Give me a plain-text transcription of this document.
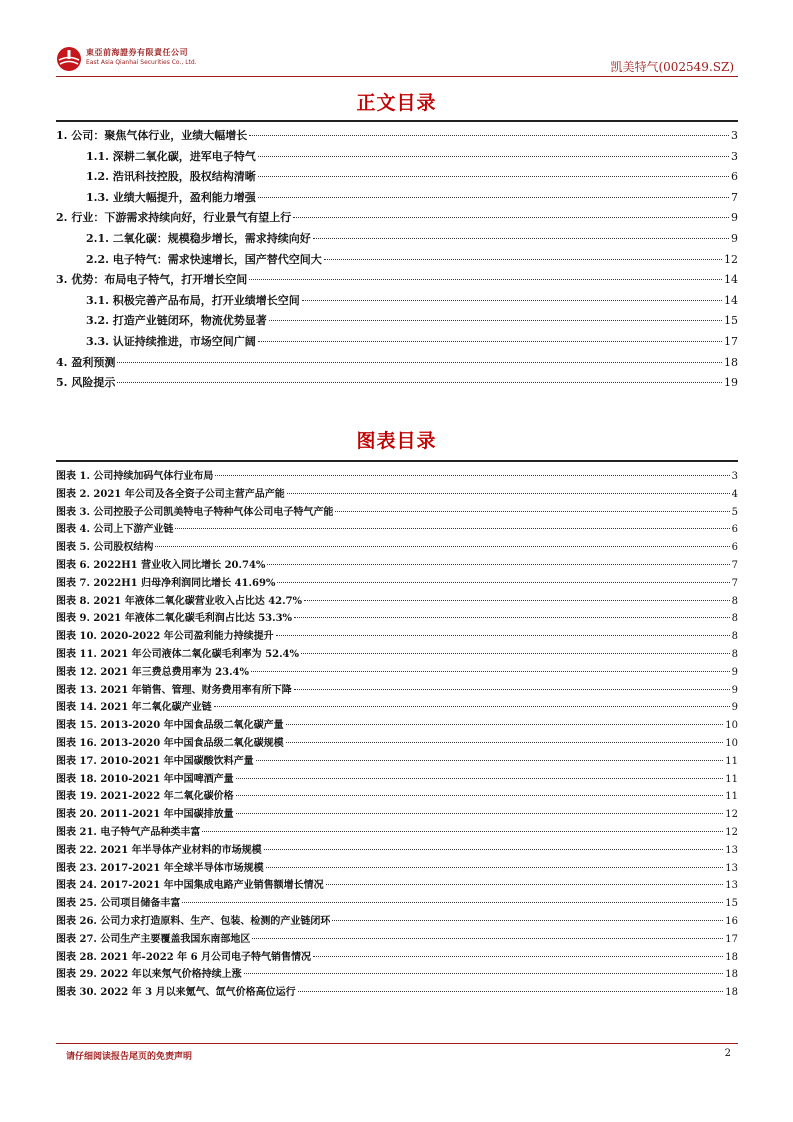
東亞前海證券有限責任公司
East Asia Qianhai Securities Co., Ltd.	凯美特气(002549.SZ)
正文目录
1. 公司：聚焦气体行业，业绩大幅增长	3
1.1. 深耕二氧化碳，进军电子特气	3
1.2. 浩讯科技控股，股权结构清晰	6
1.3. 业绩大幅提升，盈利能力增强	7
2. 行业：下游需求持续向好，行业景气有望上行	9
2.1. 二氧化碳：规模稳步增长，需求持续向好	9
2.2. 电子特气：需求快速增长，国产替代空间大	12
3. 优势：布局电子特气，打开增长空间	14
3.1. 积极完善产品布局，打开业绩增长空间	14
3.2. 打造产业链闭环，物流优势显著	15
3.3. 认证持续推进，市场空间广阔	17
4. 盈利预测	18
5. 风险提示	19
图表目录
图表 1. 公司持续加码气体行业布局	3
图表 2. 2021 年公司及各全资子公司主营产品产能	4
图表 3. 公司控股子公司凯美特电子特种气体公司电子特气产能	5
图表 4. 公司上下游产业链	6
图表 5. 公司股权结构	6
图表 6. 2022H1 营业收入同比增长 20.74%	7
图表 7. 2022H1 归母净利润同比增长 41.69%	7
图表 8. 2021 年液体二氧化碳营业收入占比达 42.7%	8
图表 9. 2021 年液体二氧化碳毛利润占比达 53.3%	8
图表 10. 2020-2022 年公司盈利能力持续提升	8
图表 11. 2021 年公司液体二氧化碳毛利率为 52.4%	8
图表 12. 2021 年三费总费用率为 23.4%	9
图表 13. 2021 年销售、管理、财务费用率有所下降	9
图表 14. 2021 年二氧化碳产业链	9
图表 15. 2013-2020 年中国食品级二氧化碳产量	10
图表 16. 2013-2020 年中国食品级二氧化碳规模	10
图表 17. 2010-2021 年中国碳酸饮料产量	11
图表 18. 2010-2021 年中国啤酒产量	11
图表 19. 2021-2022 年二氧化碳价格	11
图表 20. 2011-2021 年中国碳排放量	12
图表 21. 电子特气产品种类丰富	12
图表 22. 2021 年半导体产业材料的市场规模	13
图表 23. 2017-2021 年全球半导体市场规模	13
图表 24. 2017-2021 年中国集成电路产业销售额增长情况	13
图表 25. 公司项目储备丰富	15
图表 26. 公司力求打造原料、生产、包装、检测的产业链闭环	16
图表 27. 公司生产主要覆盖我国东南部地区	17
图表 28. 2021 年-2022 年 6 月公司电子特气销售情况	18
图表 29. 2022 年以来氖气价格持续上涨	18
图表 30. 2022 年 3 月以来氪气、氙气价格高位运行	18
请仔细阅读报告尾页的免责声明	2
